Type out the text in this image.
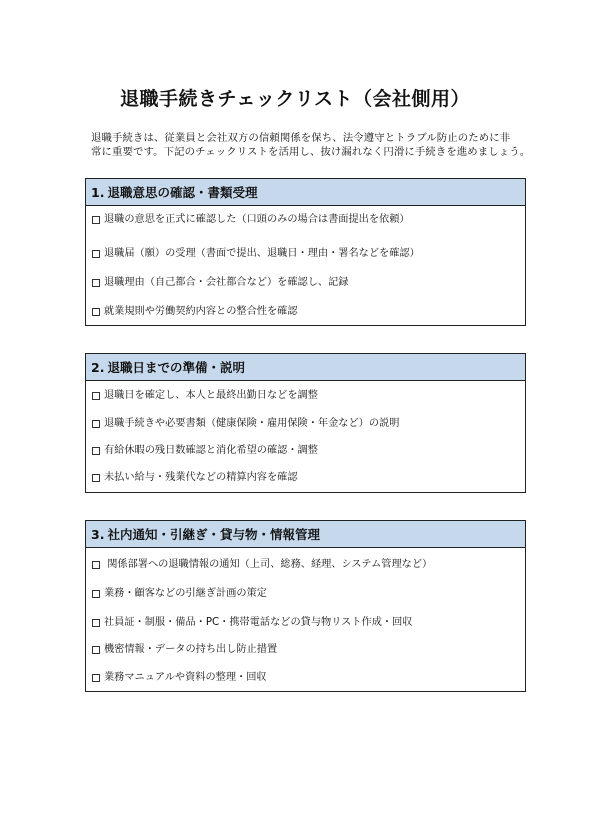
退職手続きチェックリスト（会社側用）
退職手続きは、従業員と会社双方の信頼関係を保ち、法令遵守とトラブル防止のために非
常に重要です。下記のチェックリストを活用し、抜け漏れなく円滑に手続きを進めましょう。
1. 退職意思の確認・書類受理
退職の意思を正式に確認した（口頭のみの場合は書面提出を依頼）
退職届（願）の受理（書面で提出、退職日・理由・署名などを確認）
退職理由（自己都合・会社都合など）を確認し、記録
就業規則や労働契約内容との整合性を確認
2. 退職日までの準備・説明
退職日を確定し、本人と最終出勤日などを調整
退職手続きや必要書類（健康保険・雇用保険・年金など）の説明
有給休暇の残日数確認と消化希望の確認・調整
未払い給与・残業代などの精算内容を確認
3. 社内通知・引継ぎ・貸与物・情報管理
関係部署への退職情報の通知（上司、総務、経理、システム管理など）
業務・顧客などの引継ぎ計画の策定
社員証・制服・備品・PC・携帯電話などの貸与物リスト作成・回収
機密情報・データの持ち出し防止措置
業務マニュアルや資料の整理・回収
